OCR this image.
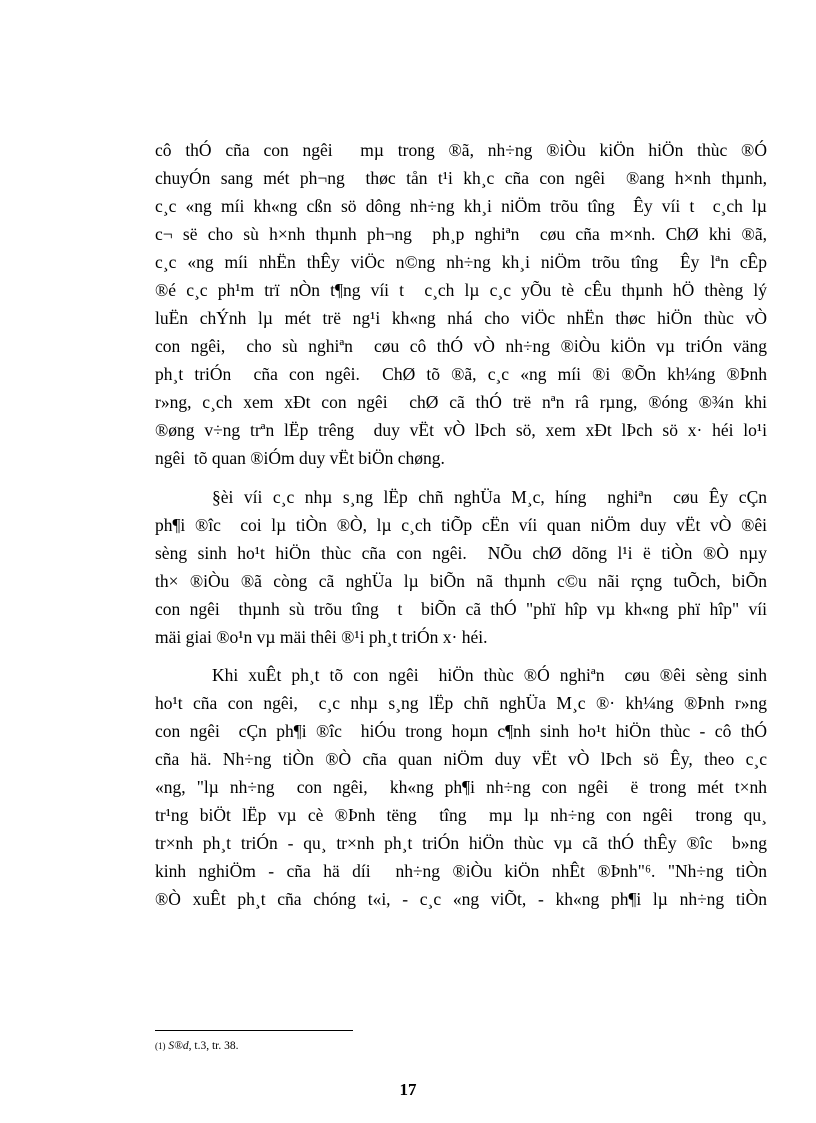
cô thÓ cña con ngêi  mµ trong ®ã, nh÷ng ®iÒu kiÖn hiÖn thùc ®Ó
chuyÓn sang mét ph¬ng  thøc tån t¹i kh¸c cña con ngêi  ®ang h×nh thµnh,
c¸c «ng míi kh«ng cßn sö dông nh÷ng kh¸i niÖm trõu tîng  Êy víi t  c¸ch lµ
c¬ së cho sù h×nh thµnh ph¬ng  ph¸p nghiªn  cøu cña m×nh. ChØ khi ®ã,
c¸c «ng míi nhËn thÊy viÖc n©ng nh÷ng kh¸i niÖm trõu tîng  Êy lªn cÊp
®é c¸c ph¹m trï nÒn t¶ng víi t  c¸ch lµ c¸c yÕu tè cÊu thµnh hÖ thèng lý
luËn chÝnh lµ mét trë ng¹i kh«ng nhá cho viÖc nhËn thøc hiÖn thùc vÒ
con ngêi,  cho sù nghiªn  cøu cô thÓ vÒ nh÷ng ®iÒu kiÖn vµ triÓn väng
ph¸t triÓn  cña con ngêi.  ChØ tõ ®ã, c¸c «ng míi ®i ®Õn kh¼ng ®Þnh
r»ng, c¸ch xem xÐt con ngêi  chØ cã thÓ trë nªn râ rµng, ®óng ®¾n khi
®øng v÷ng trªn lËp trêng  duy vËt vÒ lÞch sö, xem xÐt lÞch sö x· héi lo¹i
ngêi  tõ quan ®iÓm duy vËt biÖn chøng.
§èi víi c¸c nhµ s¸ng lËp chñ nghÜa M¸c, híng  nghiªn  cøu Êy cÇn
ph¶i ®îc  coi lµ tiÒn ®Ò, lµ c¸ch tiÕp cËn víi quan niÖm duy vËt vÒ ®êi
sèng sinh ho¹t hiÖn thùc cña con ngêi.  NÕu chØ dõng l¹i ë tiÒn ®Ò nµy
th× ®iÒu ®ã còng cã nghÜa lµ biÕn nã thµnh c©u nãi rçng tuÕch, biÕn
con ngêi  thµnh sù trõu tîng  t  biÕn cã thÓ "phï hîp vµ kh«ng phï hîp" víi
mäi giai ®o¹n vµ mäi thêi ®¹i ph¸t triÓn x· héi.
Khi xuÊt ph¸t tõ con ngêi  hiÖn thùc ®Ó nghiªn  cøu ®êi sèng sinh
ho¹t cña con ngêi,  c¸c nhµ s¸ng lËp chñ nghÜa M¸c ®· kh¼ng ®Þnh r»ng
con ngêi  cÇn ph¶i ®îc  hiÓu trong hoµn c¶nh sinh ho¹t hiÖn thùc - cô thÓ
cña hä. Nh÷ng tiÒn ®Ò cña quan niÖm duy vËt vÒ lÞch sö Êy, theo c¸c
«ng, "lµ nh÷ng  con ngêi,  kh«ng ph¶i nh÷ng con ngêi  ë trong mét t×nh
tr¹ng biÖt lËp vµ cè ®Þnh tëng  tîng  mµ lµ nh÷ng con ngêi  trong qu¸
tr×nh ph¸t triÓn - qu¸ tr×nh ph¸t triÓn hiÖn thùc vµ cã thÓ thÊy ®îc  b»ng
kinh nghiÖm - cña hä díi  nh÷ng ®iÒu kiÖn nhÊt ®Þnh"⁶. "Nh÷ng tiÒn
®Ò xuÊt ph¸t cña chóng t«i, - c¸c «ng viÕt, - kh«ng ph¶i lµ nh÷ng tiÒn
$^{(1)}$ S®d, t.3, tr. 38.
17
